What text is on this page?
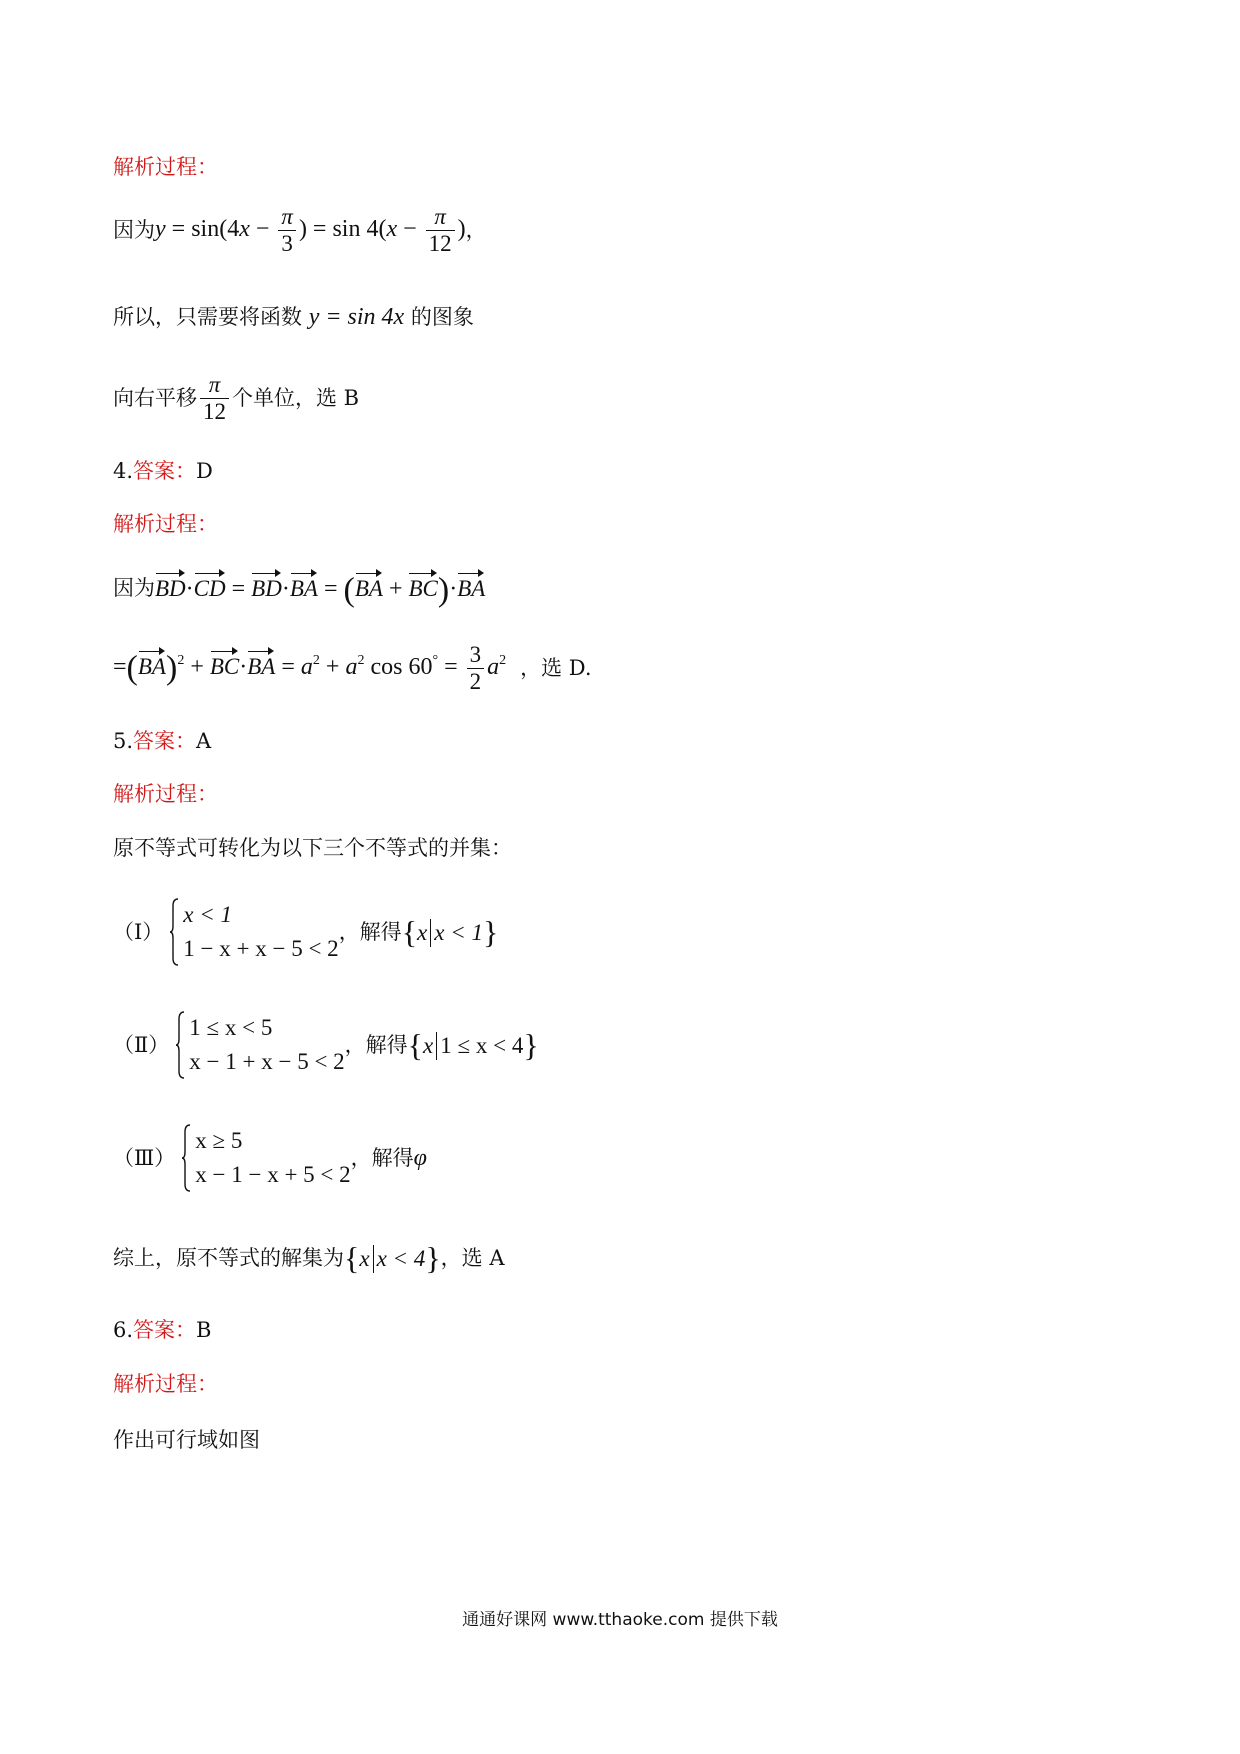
解析过程：
因为 $y = \sin(4x - \frac{\pi}{3}$ ) = $\sin 4(x - \frac{\pi}{12}$ ) ，
所以，只需要将函数 y = sin 4x 的图象
向右平移 $\frac{\pi}{12}$ 个单位，选 B
4.答案：D
解析过程：
因为 BD·CD = BD·BA = (BA + BC)·BA
$=(BA)^2 + BC\cdot BA = a^2 + a^2$ $\cos 60^\circ = \frac{3}{2} a^2$ ，选 D.
5.答案：A
解析过程：
原不等式可转化为以下三个不等式的并集：
（Ⅰ）
x < 1
1 − x + x − 5 < 2
，解得 {x x < 1}
（Ⅱ）
1 ≤ x < 5
x − 1 + x − 5 < 2
，解得 {x 1 ≤ x < 4}
（Ⅲ）
x ≥ 5
x − 1 − x + 5 < 2
，解得 φ
综上，原不等式的解集为 {x x < 4} ，选 A
6.答案：B
解析过程：
作出可行域如图
通通好课网 www.tthaoke.com 提供下载
